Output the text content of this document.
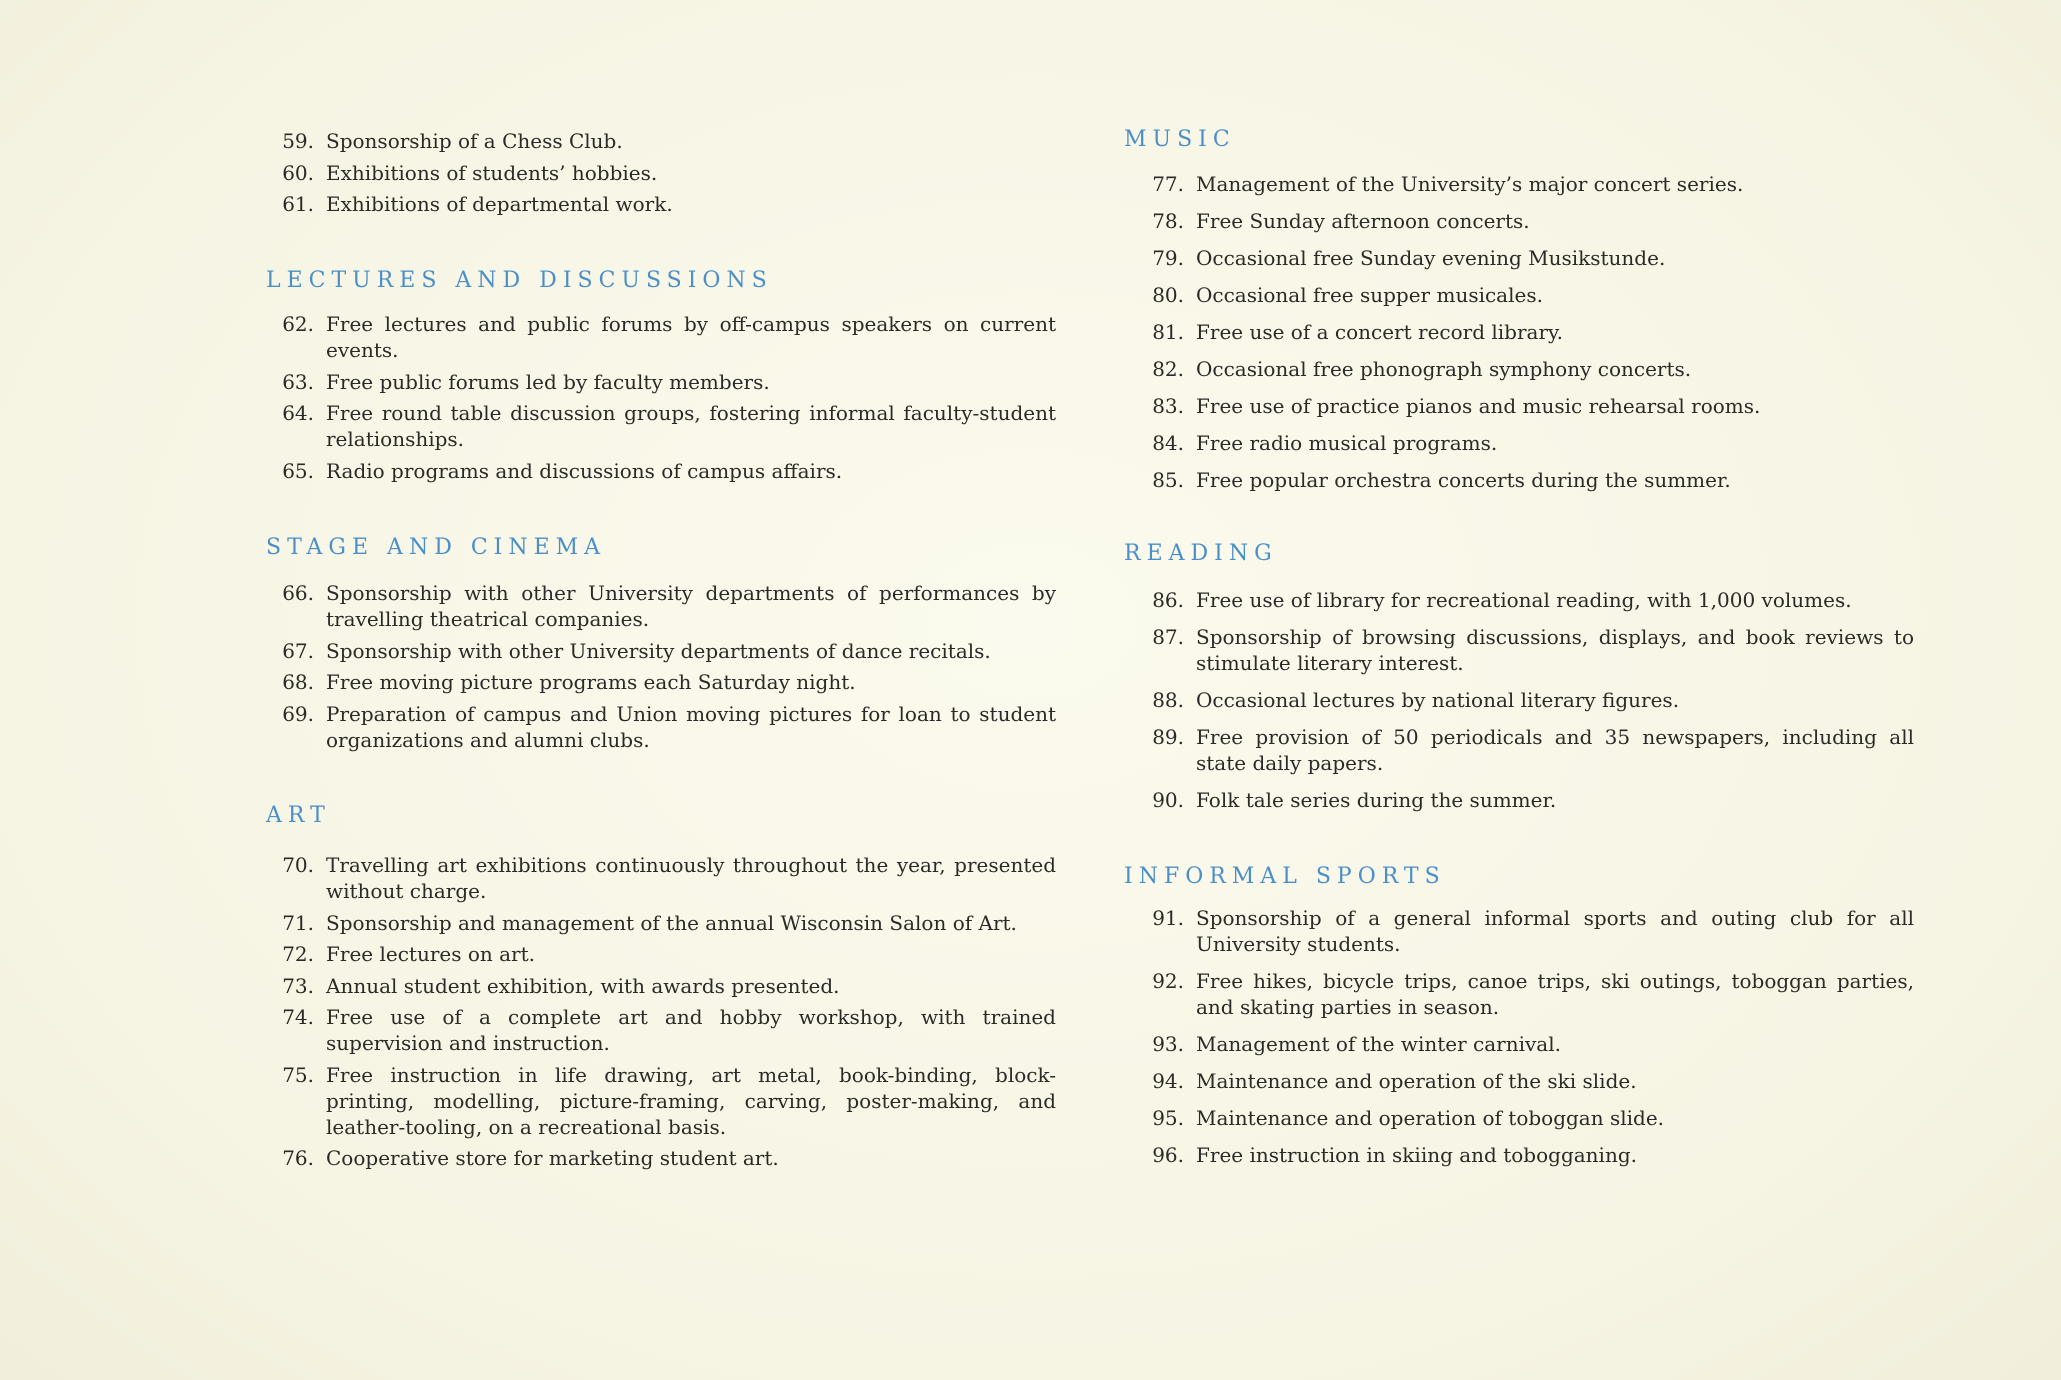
59. Sponsorship of a Chess Club.
60. Exhibitions of students’ hobbies.
61. Exhibitions of departmental work.
LECTURES AND DISCUSSIONS
62. Free lectures and public forums by off-campus speakers on current events.
63. Free public forums led by faculty members.
64. Free round table discussion groups, fostering informal faculty-student relationships.
65. Radio programs and discussions of campus affairs.
STAGE AND CINEMA
66. Sponsorship with other University departments of performances by travelling theatrical companies.
67. Sponsorship with other University departments of dance recitals.
68. Free moving picture programs each Saturday night.
69. Preparation of campus and Union moving pictures for loan to student organizations and alumni clubs.
ART
70. Travelling art exhibitions continuously throughout the year, presented without charge.
71. Sponsorship and management of the annual Wisconsin Salon of Art.
72. Free lectures on art.
73. Annual student exhibition, with awards presented.
74. Free use of a complete art and hobby workshop, with trained supervision and instruction.
75. Free instruction in life drawing, art metal, book-binding, block-printing, modelling, picture-framing, carving, poster-making, and leather-tooling, on a recreational basis.
76. Cooperative store for marketing student art.
MUSIC
77. Management of the University’s major concert series.
78. Free Sunday afternoon concerts.
79. Occasional free Sunday evening Musikstunde.
80. Occasional free supper musicales.
81. Free use of a concert record library.
82. Occasional free phonograph symphony concerts.
83. Free use of practice pianos and music rehearsal rooms.
84. Free radio musical programs.
85. Free popular orchestra concerts during the summer.
READING
86. Free use of library for recreational reading, with 1,000 volumes.
87. Sponsorship of browsing discussions, displays, and book reviews to stimulate literary interest.
88. Occasional lectures by national literary figures.
89. Free provision of 50 periodicals and 35 newspapers, including all state daily papers.
90. Folk tale series during the summer.
INFORMAL SPORTS
91. Sponsorship of a general informal sports and outing club for all University students.
92. Free hikes, bicycle trips, canoe trips, ski outings, toboggan parties, and skating parties in season.
93. Management of the winter carnival.
94. Maintenance and operation of the ski slide.
95. Maintenance and operation of toboggan slide.
96. Free instruction in skiing and tobogganing.
